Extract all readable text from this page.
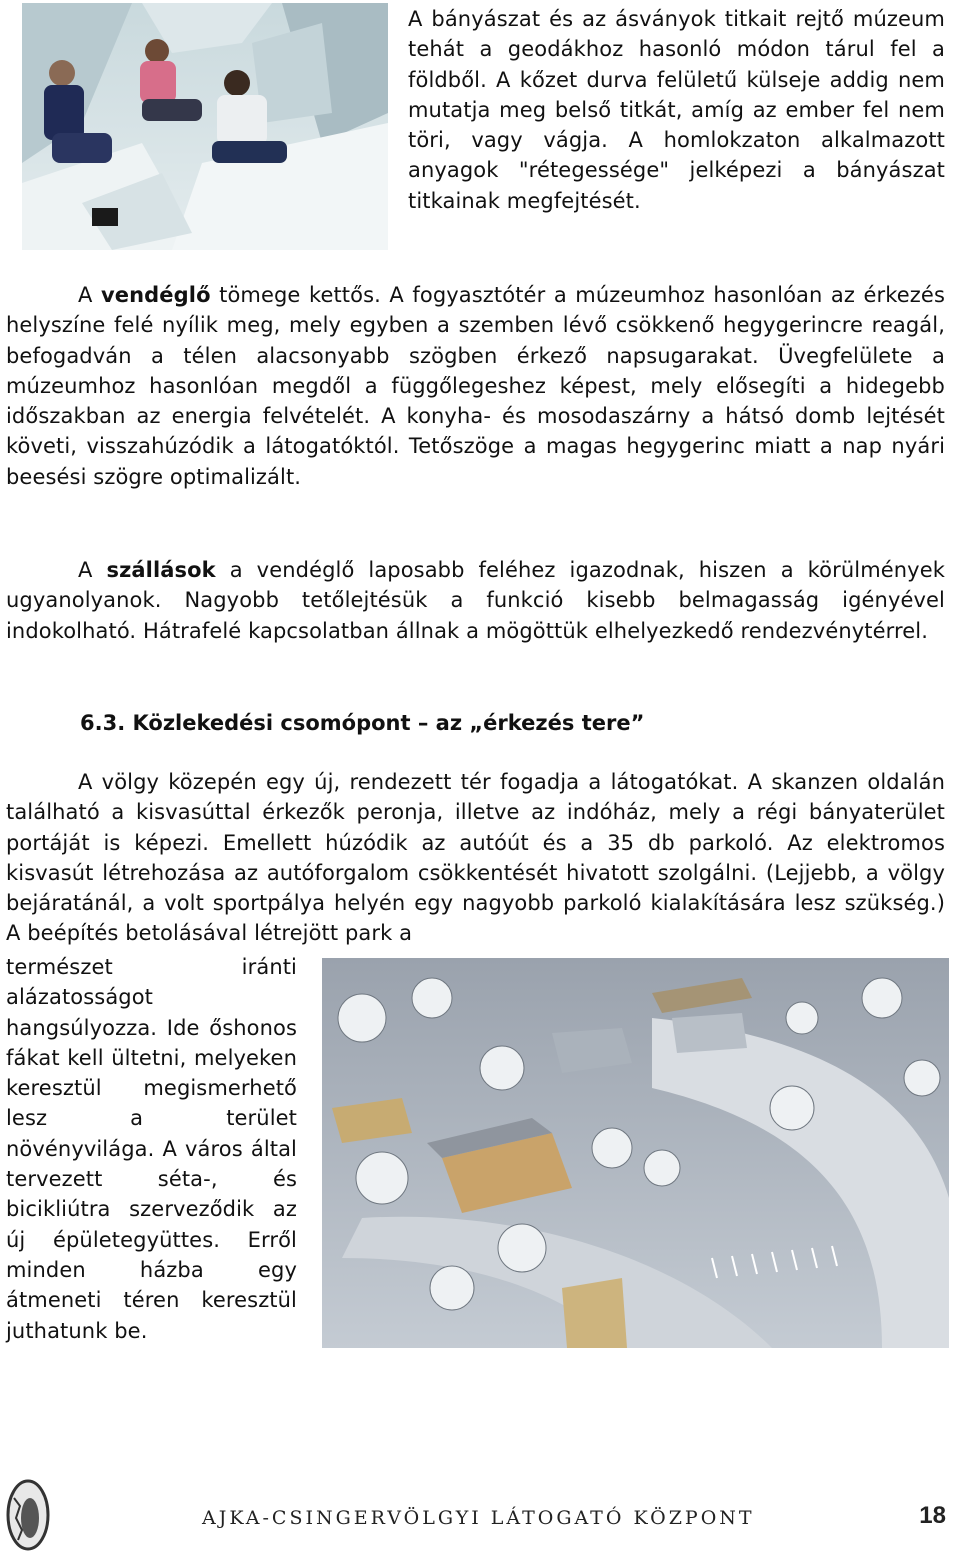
A bányászat és az ásványok titkait rejtő múzeum tehát a geodákhoz hasonló módon tárul fel a földből. A kőzet durva felületű külseje addig nem mutatja meg belső titkát, amíg az ember fel nem töri, vagy vágja. A homlokzaton alkalmazott anyagok "rétegessége" jelképezi a bányászat titkainak megfejtését.

A vendéglő tömege kettős. A fogyasztótér a múzeumhoz hasonlóan az érkezés helyszíne felé nyílik meg, mely egyben a szemben lévő csökkenő hegygerincre reagál, befogadván a télen alacsonyabb szögben érkező napsugarakat. Üvegfelülete a múzeumhoz hasonlóan megdől a függőlegeshez képest, mely elősegíti a hidegebb időszakban az energia felvételét. A konyha- és mosodaszárny a hátsó domb lejtését követi, visszahúzódik a látogatóktól. Tetőszöge a magas hegygerinc miatt a nap nyári beesési szögre optimalizált.

A szállások a vendéglő laposabb feléhez igazodnak, hiszen a körülmények ugyanolyanok. Nagyobb tetőlejtésük a funkció kisebb belmagasság igényével indokolható. Hátrafelé kapcsolatban állnak a mögöttük elhelyezkedő rendezvénytérrel.

6.3. Közlekedési csomópont – az „érkezés tere”

A völgy közepén egy új, rendezett tér fogadja a látogatókat. A skanzen oldalán található a kisvasúttal érkezők peronja, illetve az indóház, mely a régi bányaterület portáját is képezi. Emellett húzódik az autóút és a 35 db parkoló. Az elektromos kisvasút létrehozása az autóforgalom csökkentését hivatott szolgálni. (Lejjebb, a völgy bejáratánál, a volt sportpálya helyén egy nagyobb parkoló kialakítására lesz szükség.) A beépítés betolásával létrejött park a

természet iránti alázatosságot hangsúlyozza. Ide őshonos fákat kell ültetni, melyeken keresztül megismerhető lesz a terület növényvilága. A város által tervezett séta-, és bicikliútra szerveződik az új épületegyüttes. Erről minden házba egy átmeneti téren keresztül juthatunk be.

AJKA-CSINGERVÖLGYI LÁTOGATÓ KÖZPONT	18
